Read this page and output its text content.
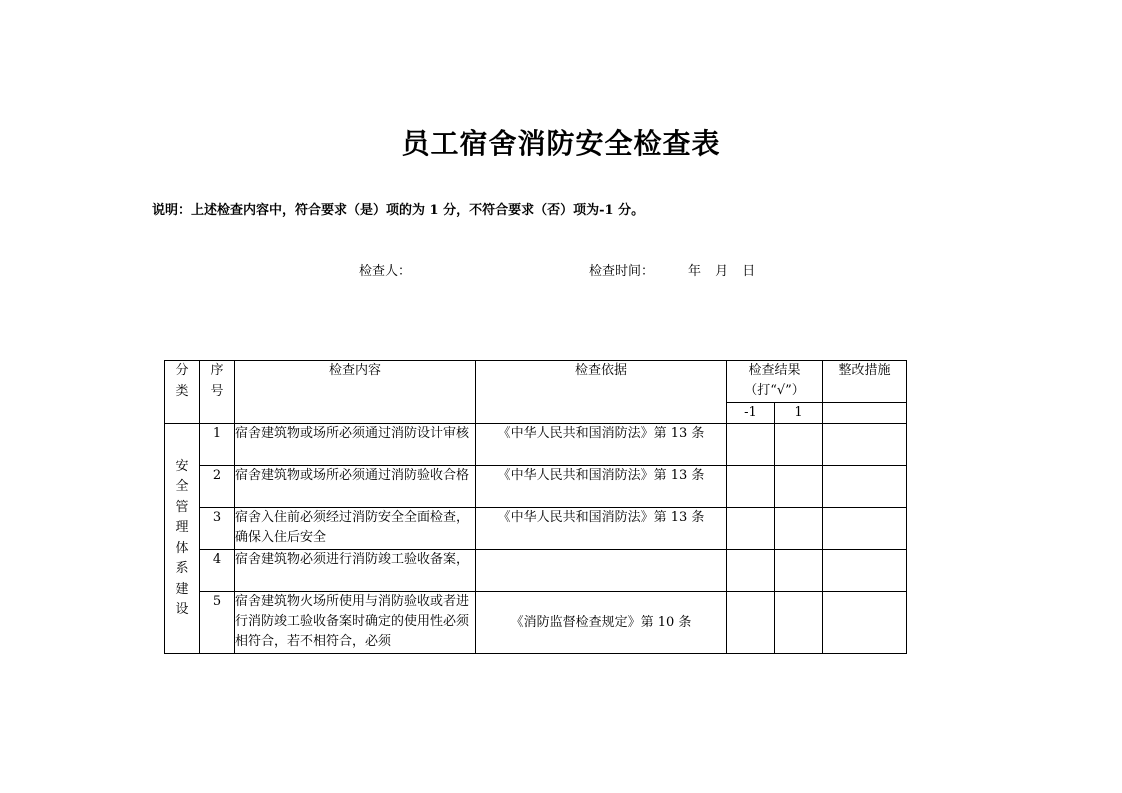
员工宿舍消防安全检查表
说明：上述检查内容中，符合要求（是）项的为 1 分，不符合要求（否）项为-1 分。
检查人：	检查时间：	年 月 日
分类	序号	检查内容	检查依据	检查结果（打“√”）		整改措施
				-1	1	

安全管理体系建设	1	宿舍建筑物或场所必须通过消防设计审核	《中华人民共和国消防法》第 13 条			
	2	宿舍建筑物或场所必须通过消防验收合格	《中华人民共和国消防法》第 13 条			
	3	宿舍入住前必须经过消防安全全面检查，确保入住后安全	《中华人民共和国消防法》第 13 条			
	4	宿舍建筑物必须进行消防竣工验收备案，				
	5	宿舍建筑物火场所使用与消防验收或者进行消防竣工验收备案时确定的使用性必须相符合，若不相符合，必须	《消防监督检查规定》第 10 条			
